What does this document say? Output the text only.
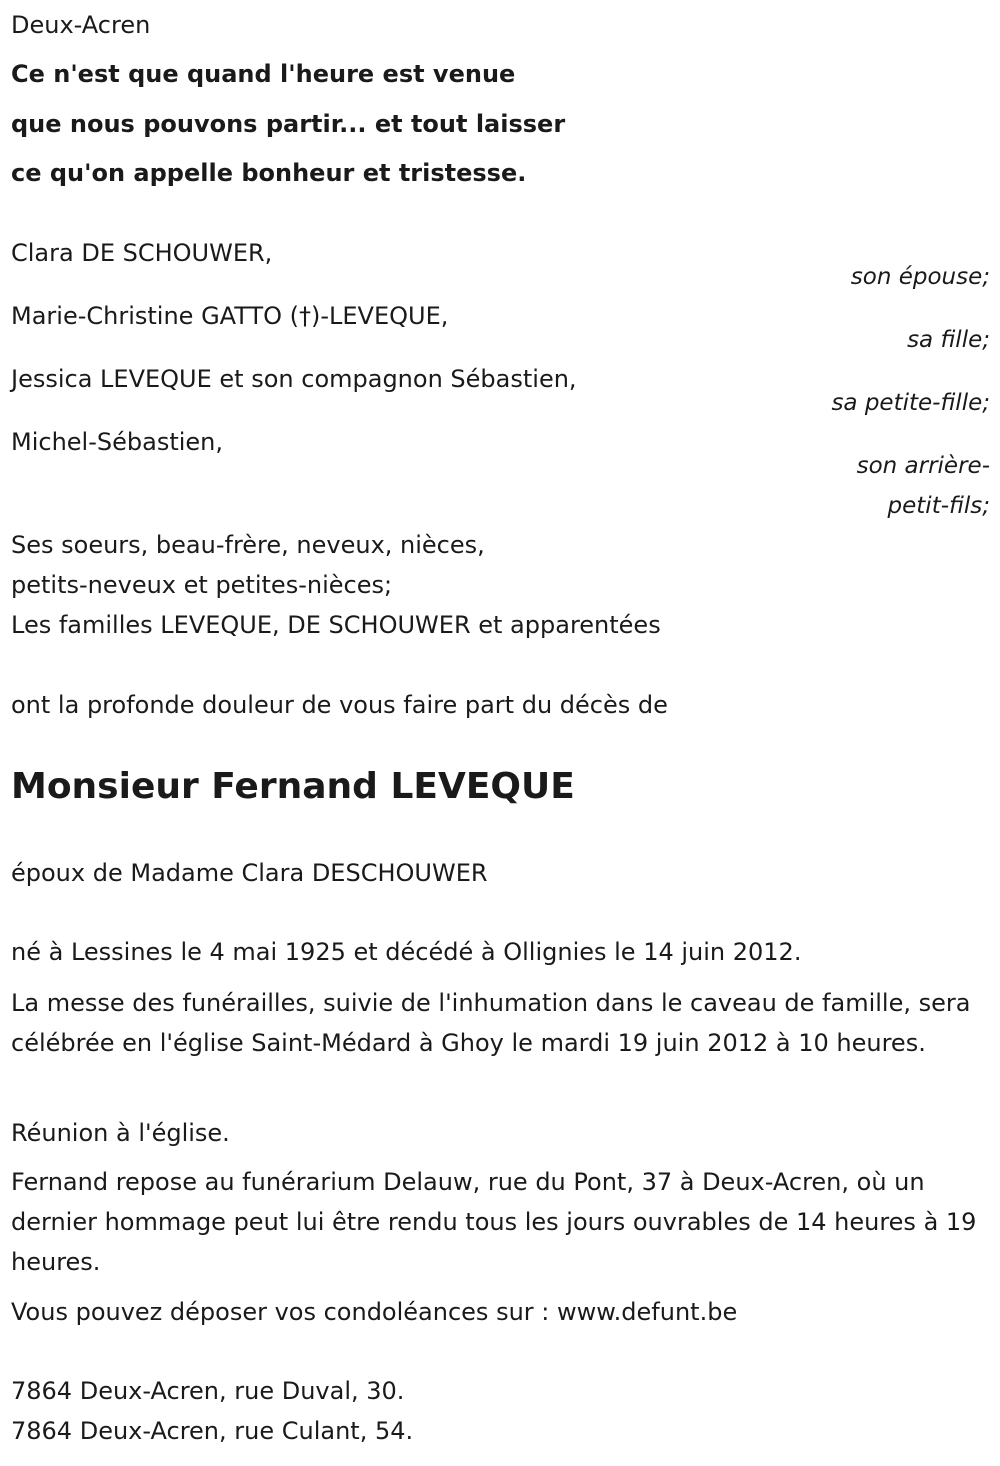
Deux-Acren
Ce n'est que quand l'heure est venue
que nous pouvons partir... et tout laisser
ce qu'on appelle bonheur et tristesse.
Clara DE SCHOUWER,
son épouse;
Marie-Christine GATTO (†)-LEVEQUE,
sa fille;
Jessica LEVEQUE et son compagnon Sébastien,
sa petite-fille;
Michel-Sébastien,
son arrière-
petit-fils;
Ses soeurs, beau-frère, neveux, nièces,
petits-neveux et petites-nièces;
Les familles LEVEQUE, DE SCHOUWER et apparentées
ont la profonde douleur de vous faire part du décès de
Monsieur Fernand LEVEQUE
époux de Madame Clara DESCHOUWER
né à Lessines le 4 mai 1925 et décédé à Ollignies le 14 juin 2012.
La messe des funérailles, suivie de l'inhumation dans le caveau de famille, sera célébrée en l'église Saint-Médard à Ghoy le mardi 19 juin 2012 à 10 heures.
Réunion à l'église.
Fernand repose au funérarium Delauw, rue du Pont, 37 à Deux-Acren, où un dernier hommage peut lui être rendu tous les jours ouvrables de 14 heures à 19 heures.
Vous pouvez déposer vos condoléances sur : www.defunt.be
7864 Deux-Acren, rue Duval, 30.
7864 Deux-Acren, rue Culant, 54.
